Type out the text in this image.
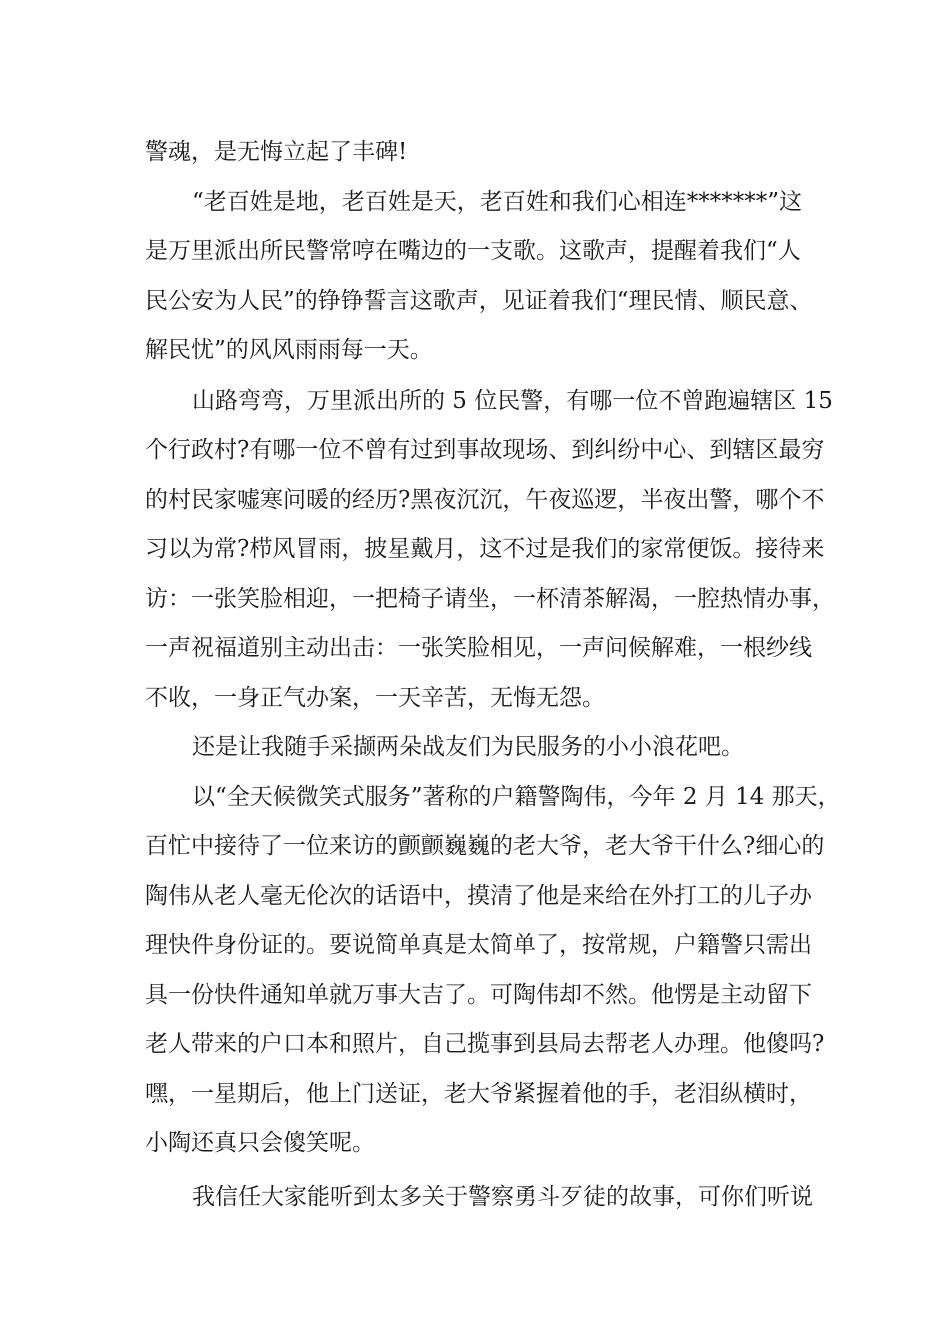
警魂，是无悔立起了丰碑!
“老百姓是地，老百姓是天，老百姓和我们心相连*******”这
是万里派出所民警常哼在嘴边的一支歌。这歌声，提醒着我们“人
民公安为人民”的铮铮誓言这歌声，见证着我们“理民情、顺民意、
解民忧”的风风雨雨每一天。
山路弯弯，万里派出所的 5 位民警，有哪一位不曾跑遍辖区 15
个行政村?有哪一位不曾有过到事故现场、到纠纷中心、到辖区最穷
的村民家嘘寒问暖的经历?黑夜沉沉，午夜巡逻，半夜出警，哪个不
习以为常?栉风冒雨，披星戴月，这不过是我们的家常便饭。接待来
访：一张笑脸相迎，一把椅子请坐，一杯清茶解渴，一腔热情办事，
一声祝福道别主动出击：一张笑脸相见，一声问候解难，一根纱线
不收，一身正气办案，一天辛苦，无悔无怨。
还是让我随手采撷两朵战友们为民服务的小小浪花吧。
以“全天候微笑式服务”著称的户籍警陶伟，今年 2 月 14 那天，
百忙中接待了一位来访的颤颤巍巍的老大爷，老大爷干什么?细心的
陶伟从老人毫无伦次的话语中，摸清了他是来给在外打工的儿子办
理快件身份证的。要说简单真是太简单了，按常规，户籍警只需出
具一份快件通知单就万事大吉了。可陶伟却不然。他愣是主动留下
老人带来的户口本和照片，自己揽事到县局去帮老人办理。他傻吗?
嘿，一星期后，他上门送证，老大爷紧握着他的手，老泪纵横时，
小陶还真只会傻笑呢。
我信任大家能听到太多关于警察勇斗歹徒的故事，可你们听说
